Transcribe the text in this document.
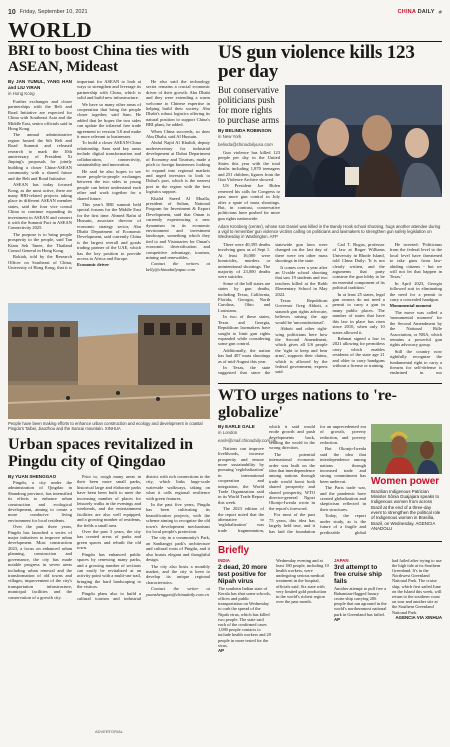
10 Friday, September 10, 2021	CHINA DAILY ◉
WORLD
BRI to boost China ties with ASEAN, Mideast
By JAN YUMUL, YANG HAN and LIU YIRAN
in Hong Kong

Further exchanges and closer partnerships with the Belt and Road Initiative are expected for China with Southeast Asia and the Middle East, senior officials said in Hong Kong.

The annual administrative region hosted the 6th Belt and Road Summit and released research to mark the 10th anniversary of President Xi Jinping's proposals for jointly building a closer China-ASEAN community with a shared future and the Belt and Road Initiative.

ASEAN has today focused Kong, as the most active, there are many BRI-related projects taking place in different ASEAN member states, said the four vice consul China to continue expanding its investment in ASEAN and connect it with the Summit Pact in ASEAN Connectivity 2025.

The purpose is to bring people prosperity to the people, said Tan Kiam Sek Tanee, the Thailand Consul General in Hong Kong.

Rokiah, told by the Research Officer on Southeast of China, University of Hong Kong, that it is important for ASEAN to look at ways to strengthen and leverage its partnership with China, which is solid and build new infrastructure.

We have so many other areas of cooperation that bring the people closer together, said Sam. He added that he hopes the two sides can update the trilateral free trade agreement to version 3.0 and make it more relevant to businesses.

To build a closer ASEAN-China relationship, Sam said key areas include digital transformation and collaboration, connectivity, sustainability and innovation.

He said he also hopes to see more people-to-people exchanges between the two sides to young people can better understand each other and work together for a shared future.

This year's BRI summit held special forums for the Middle East for the first time. Ahmed Rafat al Hussain, associate director of economic strategy sector, Abu Dhabi Department of Economic Development, said currently China is the largest overall and goods trading partner of the UAE, which has the key position to provide access to Africa and Europe.

Economic driver

He also said the technology sector remains a crucial economic driver of their growth. Abu Dhabi and they were extending a warm welcome to Chinese expertise in helping build their society. Abu Dhabi's robust logistics offering its natural position to support China's BRI plans, he added.

When China succeeds, so does Abu Dhabi, said Al Hussain.

Abdul Najid Al Khalidi, deputy undersecretary for industrial development at Dubai Department of Economy and Tourism, made a pitch to foreign businesses looking to expand into regional markets and urged investors to look to Dubai's port, which is the nearest port in the region with the best logistics support.

Khalid Saeed Al Mualla, president of Sultan, National Program for Investment & Export Development, said that Oman is currently experiencing a new dynamism in its economic environment and investment landscape, something which they tied to and Visionaries for Oman's economic diversification and competitive advantage, tourism, mining and renewables.

Contact the writers at kelly@chinadailyapac.com

People have been making efforts to enhance urban construction and ecology and development in coastal Pingdu's Taibei, Jiaozhou and the Sancai mountain. XINHUA
Urban spaces revitalized in Pingdu city of Qingdao
By YUAN SHENGGAO

Pingdu, a city under the administration of Qingdao in Shandong province, has intensified its efforts to enhance urban construction and ecological development, aiming to create a more conducive living environment for local residents.

Over the past three years, Pingdu has launched a series of major initiatives to improve urban development. Most construction 2023, a focus on enhanced urban planning, construction and governance, the city has made notable progress in seven areas including urban renewal and the transformation of old towns and villages, improvement of the city's transportation infrastructure, municipal facilities and the conservation of a growth city.

Prior to, rough many areas in their been more small parks, historical large and elaborate parks have been been built to meet the increasing number of places for leisurely walks in the evenings and weekends, and the entertainment facilities are also well equipped, and a growing number of residents, the fields a small area.

Over the past 3 years, the city has created areas of parks and green spaces and rebuilt the old town.

Pingdu has enhanced public spaces by renewing many parks, and a growing number of sections can easily be revitalized at an activity point with a multi-use trail, bringing the hard landscaping to the visitors.

Pingdu plans also to build a cultural tourism and industrial district with rich connections to the city, which links large-scale waterside walkways, taking on what it calls regional resilience with green features.

In the past five years, Pingdu has been cultivating its beautification projects, with the scheme aiming to recognize the old town's development mechanisms for local people's protection.

The city in a community's Park, an Sanliangyi park's architecture and cultural roots of Pingdu, and it also boasts elegant and thoughtful design.

The city also hosts a monthly market, and the city is keen to develop its unique regional characteristics.

Contact the writer at yuanshenggao@chinadaily.com.cn

ADVERTORIAL
US gun violence kills 123 per day
But conservative politicians push for more rights to purchase arms
By BELINDA ROBINSON
in New York
belinda@chinadailyusa.com

Gun violence has killed 123 people per day in the United States this year with the total deaths including 1,870 teenagers and 251 children, figures from the Gun Violence Archive showed.

US President Joe Biden renewed his calls for Congress to pass more gun control in July after a spate of mass shootings. But, in contrast, conservative politicians have pushed for more gun rights nationwide.

Adam Kronberg (center), whose son Daniel was killed in the Bandy Hook school shooting, hugs another attendee during a vigil to remember gun violence victims calling on politicians and lawmakers to strengthen gun safety legislation on Wednesday in Washington. AFP

There were 40,395 deaths involving guns as of Sept 1. At least 16,000 were homicides, murders or unintentional shootings. The majority of 23,000 deaths were suicides.

Some of the bill states are states by gun deaths, including Texas, California, Florida, Georgia, North Carolina, Ohio and Louisiana.

In two of these states, Texas and Georgia, Republican lawmakers have sought to limit gun rights expanded while considering some gun control.

Additionally, the nation has had 407 mass shootings as of mid-August this year.

In Texas, the state suggested that since the statewide gun laws were changed on the last day of there were ten other mass shootings in the state.

It comes over a year after an Uvalde school shooting that saw 19 students and two teachers killed at the Robb Elementary School in May 2022.

Texas Republican Governor Greg Abbott, a staunch gun rights advocate, believes raising the age would be 'unconstitutional'.

Abbott and other right-wing politicians here how the Second Amendment, which gives all US people the 'right to keep and bear arms', supports their claims, which is allowed by the federal government, experts said.

Carl T. Bogus, professor of law at Roger Williams University in Rhode Island, told China Daily: 'It is not clearly written, and the arguments that party construe the gun lobby to be an essential component of its political tradition.'

In at least 25 states, legal gun owners do not need a permit to carry a gun in many public places. The number of states that have this law in place has risen since 2010, when only 10 states allowed it.

Rahmat signed a law in 2021 allowing for permitless carry which enables residents of the state age 21 and older to carry handguns without a license or training.

He tweeted: 'Politicians from the federal level to the local level have threatened to take guns from law-abiding citizens - but we will not let that happen in Texas.'

In April 2023, Georgia followed suit in eliminating the need for a permit to carry a concealed handgun.

Monumental moment

The move was called a 'monumental moment' for the Second Amendment by the National Rifle Association, or NRA, which remains a powerful gun rights advocacy group.

Still the country now rightfully recognize the fundamental right to carry a firearm for self-defense is enshrined in our

WTO urges nations to 're-globalize'
By EARLE GALE
in London
earle@mail.chinadaily.com.uk

Nations can improve livelihoods, increase prosperity and ensure more sustainability by pursuing 'reglobalization' in international cooperation and integration, the World Trade Organization said in its World Trade Report this week.

The 2023 edition of the report noted that the alternative to 'reglobalization' was trade fragmentation, which it said would erode growth and push developments back, sending the world in the wrong direction.

The potential international economic order was built on the idea that interdependence among nations through trade would boost both shared prosperity and shared prosperity, WTO director-general Ngozi Okonjo-Iweala wrote in the report's foreword.

For most of the past 75 years, this idea has largely held true, and it has laid the foundation for an unprecedented era of growth, poverty reduction, and poverty reduction.

But Okonjo-Iweala said the idea that interdependence among nations through increased trade and strong commitment has been undercut.

The Paris trade war, and the pandemic have created globalization and skepticism reflected in their structures.

Today, the report under study, as is the future of a fragile and predictable global

Women power
Brazilian Indigenous Patrician Minister Sônia Guajajara speaks to Indigenous women from across Brazil at the end of a three-day event to strengthen the political role of Indigenous women in Brasília, Brazil, on Wednesday. AGENCIA ANADOLU
Briefly
INDIA
2 dead, 20 more test positive for Nipah virus
The southern Indian state of Kerala has shut some schools, offices and public transportation on Wednesday to curb the spread of the Nipah virus, which has killed two people. The state said each of the confirmed cases 1,080 people contacts to include health workers and 20 people in more tested for the virus.
AP
Wednesday evening and at least 180 people, including 10 health workers, were undergoing serious medical treatment in the hospital, officials said. Six state with very limited gold production in the world's richest region over the past month.
JAPAN
3rd attempt to free cruise ship fails
Another attempt to pull free a Bahamian-flagged luxury cruise ship carrying 206 people that ran aground in the world's northernmost national park in Greenland has failed.
AP
had failed after trying to use the high tide at its Southern Greenland. It's in the Northwest Greenland National Park. The cruise ship, which first sailed June on the Island this week, will return to the southern coast on tour and another site at the Southern Greenland National Park.
AGENCIA VIA XINHUA
